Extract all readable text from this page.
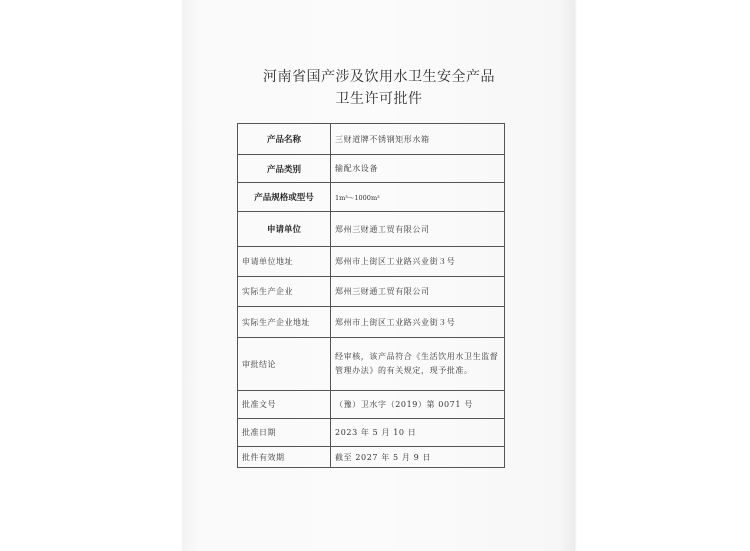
河南省国产涉及饮用水卫生安全产品
卫生许可批件
产品名称	三财道牌不锈钢矩形水箱
产品类别	输配水设备
产品规格或型号	1m³～1000m³
申请单位	郑州三财通工贸有限公司
申请单位地址	郑州市上街区工业路兴业街３号
实际生产企业	郑州三财通工贸有限公司
实际生产企业地址	郑州市上街区工业路兴业街３号
审批结论	经审核，该产品符合《生活饮用水卫生监督管理办法》的有关规定，现予批准。
批准文号	（豫）卫水字（2019）第 0071 号
批准日期	2023 年 5 月 10 日
批件有效期	截至 2027 年 5 月 9 日
